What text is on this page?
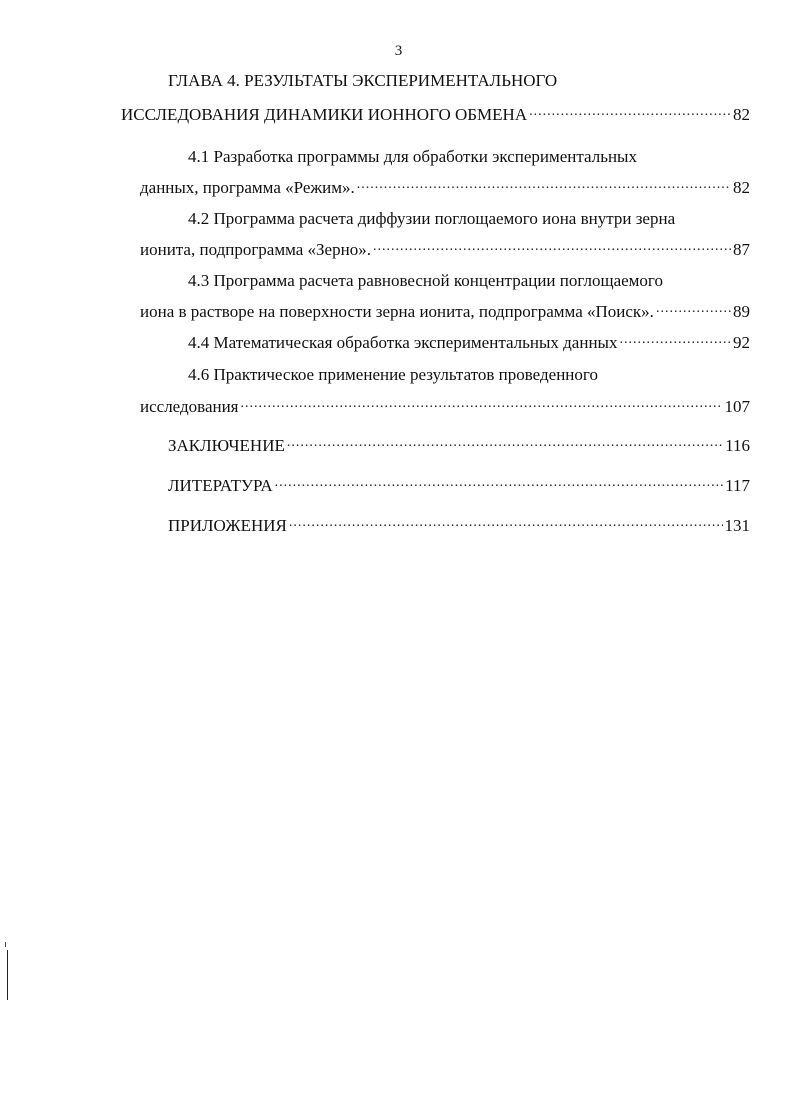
3
ГЛАВА 4. РЕЗУЛЬТАТЫ ЭКСПЕРИМЕНТАЛЬНОГО
ИССЛЕДОВАНИЯ ДИНАМИКИ ИОННОГО ОБМЕНА .....	82
4.1 Разработка программы для обработки экспериментальных
данных, программа «Режим». .....	82
4.2 Программа расчета диффузии поглощаемого иона внутри зерна
ионита, подпрограмма «Зерно». .....	87
4.3 Программа расчета равновесной концентрации поглощаемого
иона в растворе на поверхности зерна ионита, подпрограмма «Поиск». .....	89
4.4 Математическая обработка экспериментальных данных .....	92
4.6 Практическое применение результатов проведенного
исследования .....	107
ЗАКЛЮЧЕНИЕ .....	116
ЛИТЕРАТУРА .....	117
ПРИЛОЖЕНИЯ .....	131
